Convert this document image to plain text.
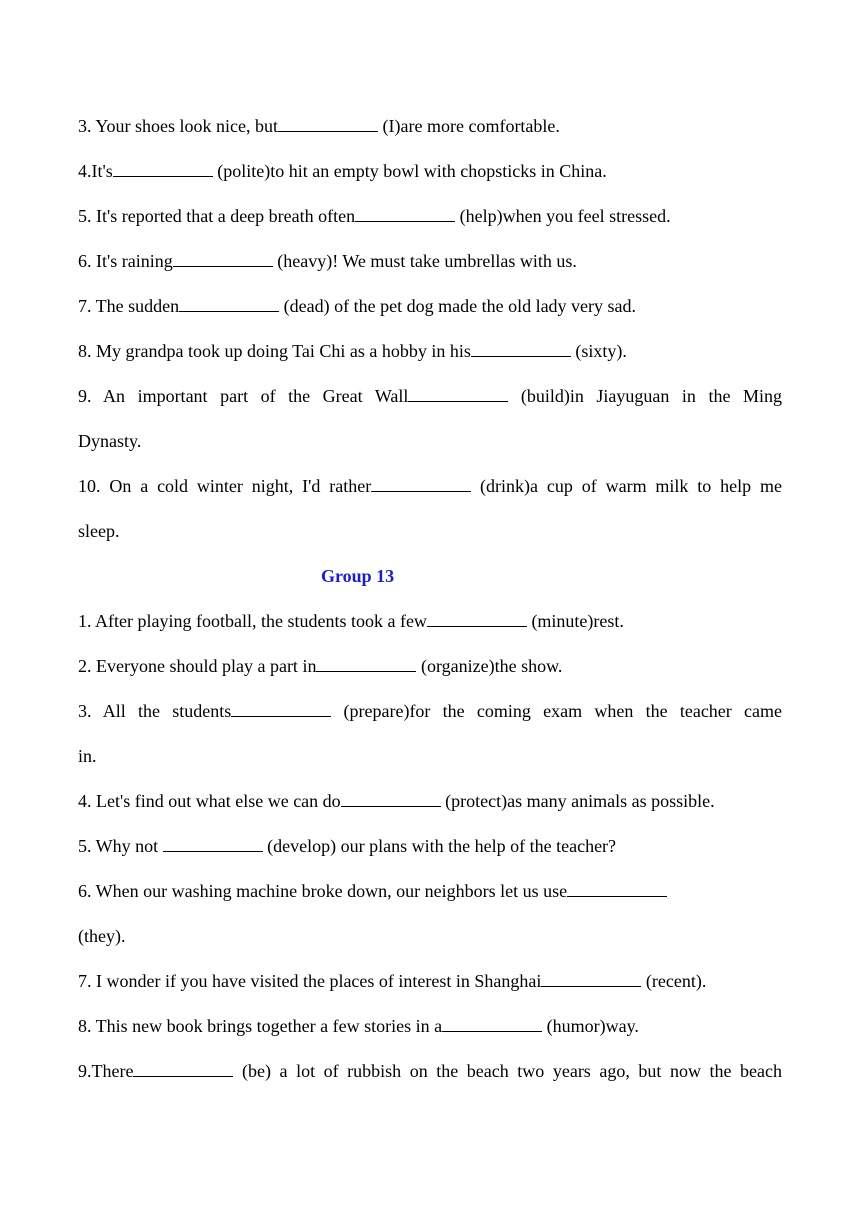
3. Your shoes look nice, but	(I)are more comfortable.
4.It's	(polite)to hit an empty bowl with chopsticks in China.
5. It's reported that a deep breath often	(help)when you feel stressed.
6. It's raining	(heavy)! We must take umbrellas with us.
7. The sudden	(dead) of the pet dog made the old lady very sad.
8. My grandpa took up doing Tai Chi as a hobby in his	(sixty).
9. An important part of the Great Wall	(build)in Jiayuguan in the Ming
Dynasty.
10. On a cold winter night, I'd rather	(drink)a cup of warm milk to help me
sleep.
Group 13
1. After playing football, the students took a few	(minute)rest.
2. Everyone should play a part in	(organize)the show.
3. All the students	(prepare)for the coming exam when the teacher came
in.
4. Let's find out what else we can do	(protect)as many animals as possible.
5. Why not	(develop) our plans with the help of the teacher?
6. When our washing machine broke down, our neighbors let us use
(they).
7. I wonder if you have visited the places of interest in Shanghai	(recent).
8. This new book brings together a few stories in a	(humor)way.
9.There	(be) a lot of rubbish on the beach two years ago, but now the beach
